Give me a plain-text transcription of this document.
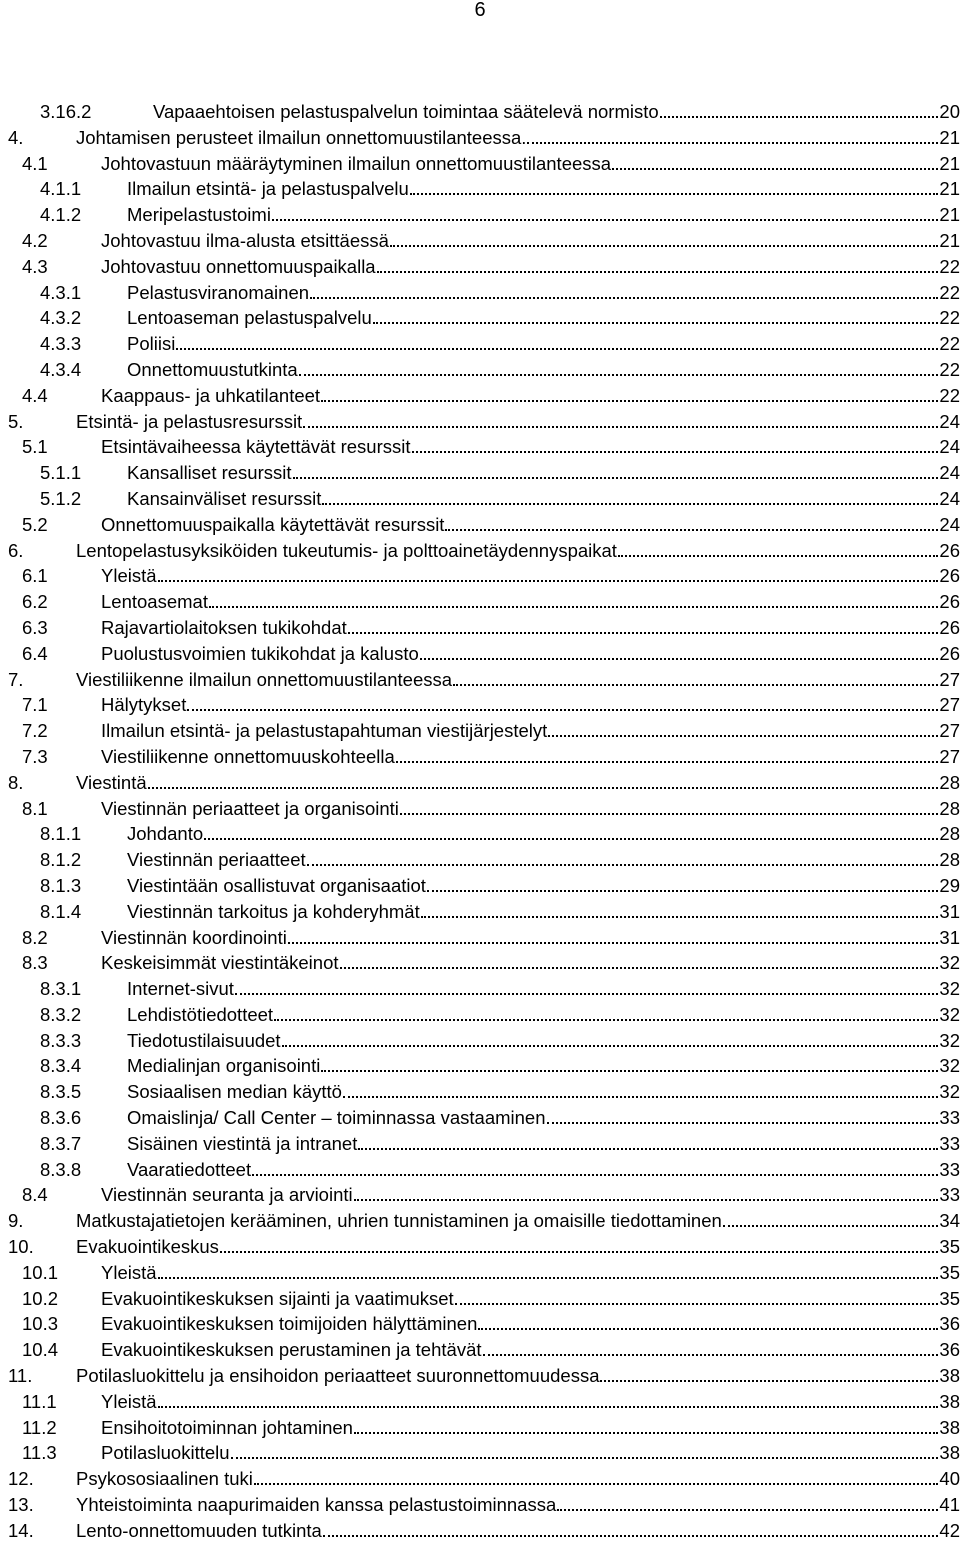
6
3.16.2	Vapaaehtoisen pelastuspalvelun toimintaa säätelevä normisto	20
4.	Johtamisen perusteet ilmailun onnettomuustilanteessa.	21
4.1	Johtovastuun määräytyminen ilmailun onnettomuustilanteessa	21
4.1.1 Ilmailun etsintä- ja pelastuspalvelu	21
4.1.2 Meripelastustoimi	21
4.2	Johtovastuu ilma-alusta etsittäessä	21
4.3	Johtovastuu onnettomuuspaikalla	22
4.3.1 Pelastusviranomainen	22
4.3.2 Lentoaseman pelastuspalvelu	22
4.3.3 Poliisi	22
4.3.4 Onnettomuustutkinta	22
4.4	Kaappaus- ja uhkatilanteet	22
5.	Etsintä- ja pelastusresurssit	24
5.1	Etsintävaiheessa käytettävät resurssit	24
5.1.1 Kansalliset resurssit	24
5.1.2 Kansainväliset resurssit	24
5.2	Onnettomuuspaikalla käytettävät resurssit	24
6.	Lentopelastusyksiköiden tukeutumis- ja polttoainetäydennyspaikat	26
6.1	Yleistä	26
6.2	Lentoasemat	26
6.3	Rajavartiolaitoksen tukikohdat	26
6.4	Puolustusvoimien tukikohdat ja kalusto	26
7.	Viestiliikenne ilmailun onnettomuustilanteessa	27
7.1	Hälytykset	27
7.2	Ilmailun etsintä- ja pelastustapahtuman viestijärjestelyt	27
7.3	Viestiliikenne onnettomuuskohteella	27
8.	Viestintä	28
8.1	Viestinnän periaatteet ja organisointi	28
8.1.1 Johdanto	28
8.1.2 Viestinnän periaatteet	28
8.1.3 Viestintään osallistuvat organisaatiot	29
8.1.4 Viestinnän tarkoitus ja kohderyhmät	31
8.2	Viestinnän koordinointi	31
8.3	Keskeisimmät viestintäkeinot	32
8.3.1 Internet-sivut	32
8.3.2 Lehdistötiedotteet	32
8.3.3 Tiedotustilaisuudet	32
8.3.4 Medialinjan organisointi	32
8.3.5 Sosiaalisen median käyttö	32
8.3.6 Omaislinja/ Call Center – toiminnassa vastaaminen	33
8.3.7 Sisäinen viestintä ja intranet	33
8.3.8 Vaaratiedotteet	33
8.4	Viestinnän seuranta ja arviointi	33
9.	Matkustajatietojen kerääminen, uhrien tunnistaminen ja omaisille tiedottaminen	34
10. Evakuointikeskus	35
10.1 Yleistä	35
10.2 Evakuointikeskuksen sijainti ja vaatimukset	35
10.3 Evakuointikeskuksen toimijoiden hälyttäminen	36
10.4 Evakuointikeskuksen perustaminen ja tehtävät	36
11. Potilasluokittelu ja ensihoidon periaatteet suuronnettomuudessa	38
11.1 Yleistä	38
11.2 Ensihoitotoiminnan johtaminen	38
11.3 Potilasluokittelu	38
12. Psykososiaalinen tuki	40
13. Yhteistoiminta naapurimaiden kanssa pelastustoiminnassa	41
14. Lento-onnettomuuden tutkinta	42
